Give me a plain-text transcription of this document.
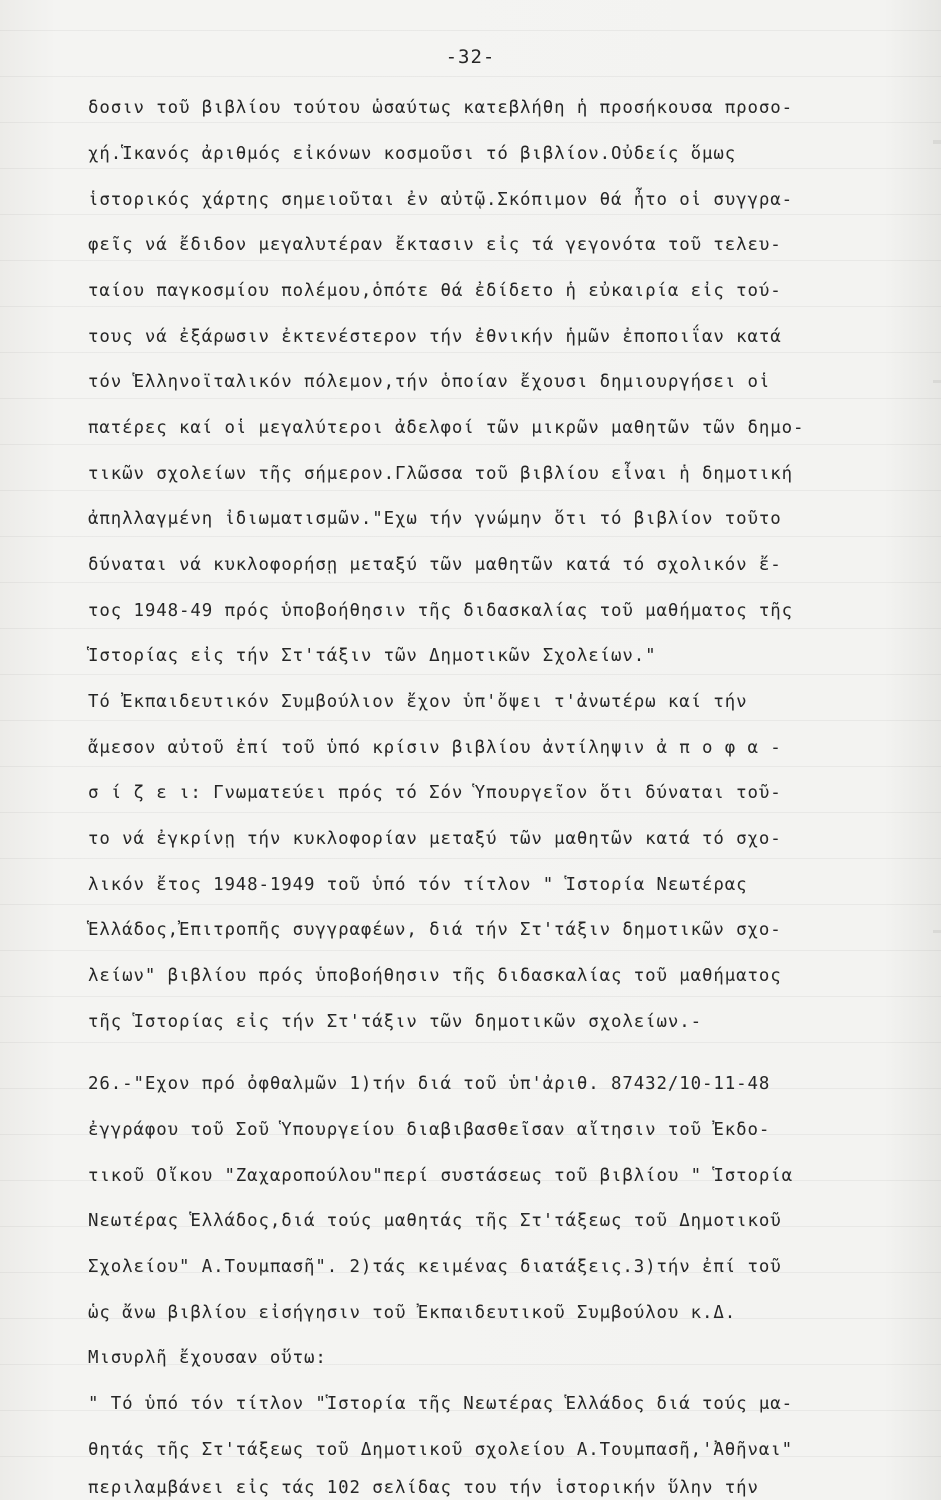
-32-
δοσιν τοῦ βιβλίου τούτου ὡσαύτως κατεβλήθη ἡ προσήκουσα προσο-
χή.Ἱκανός ἀριθμός εἰκόνων κοσμοῦσι τό βιβλίον.Οὐδείς ὅμως
ἱστορικός χάρτης σημειοῦται ἐν αὐτῷ.Σκόπιμον θά ἦτο οἱ συγγρα-
φεῖς νά ἔδιδον μεγαλυτέραν ἔκτασιν εἰς τά γεγονότα τοῦ τελευ-
ταίου παγκοσμίου πολέμου,ὁπότε θά ἐδίδετο ἡ εὐκαιρία εἰς τού-
τους νά ἐξάρωσιν ἐκτενέστερον τήν ἐθνικήν ἡμῶν ἐποποιΐαν κατά
τόν Ἑλληνοϊταλικόν πόλεμον,τήν ὁποίαν ἔχουσι δημιουργήσει οἱ
πατέρες καί οἱ μεγαλύτεροι ἀδελφοί τῶν μικρῶν μαθητῶν τῶν δημο-
τικῶν σχολείων τῆς σήμερον.Γλῶσσα τοῦ βιβλίου εἶναι ἡ δημοτική
ἀπηλλαγμένη ἰδιωματισμῶν."Εχω τήν γνώμην ὅτι τό βιβλίον τοῦτο
δύναται νά κυκλοφορήσῃ μεταξύ τῶν μαθητῶν κατά τό σχολικόν ἔ-
τος 1948-49 πρός ὑποβοήθησιν τῆς διδασκαλίας τοῦ μαθήματος τῆς
Ἱστορίας εἰς τήν Στ'τάξιν τῶν Δημοτικῶν Σχολείων."
Τό Ἐκπαιδευτικόν Συμβούλιον ἔχον ὑπ'ὄψει τ'ἀνωτέρω καί τήν
ἄμεσον αὐτοῦ ἐπί τοῦ ὑπό κρίσιν βιβλίου ἀντίληψιν ἀ π ο φ α -
σ ί ζ ε ι: Γνωματεύει πρός τό Σόν Ὑπουργεῖον ὅτι δύναται τοῦ-
το νά ἐγκρίνῃ τήν κυκλοφορίαν μεταξύ τῶν μαθητῶν κατά τό σχο-
λικόν ἔτος 1948-1949 τοῦ ὑπό τόν τίτλον " Ἱστορία Νεωτέρας
Ἑλλάδος,Ἐπιτροπῆς συγγραφέων, διά τήν Στ'τάξιν δημοτικῶν σχο-
λείων" βιβλίου πρός ὑποβοήθησιν τῆς διδασκαλίας τοῦ μαθήματος
τῆς Ἱστορίας εἰς τήν Στ'τάξιν τῶν δημοτικῶν σχολείων.-
26.-"Εχον πρό ὀφθαλμῶν 1)τήν διά τοῦ ὑπ'ἀριθ. 87432/10-11-48
ἐγγράφου τοῦ Σοῦ Ὑπουργείου διαβιβασθεῖσαν αἴτησιν τοῦ Ἐκδο-
τικοῦ Οἴκου "Ζαχαροπούλου"περί συστάσεως τοῦ βιβλίου " Ἱστορία
Νεωτέρας Ἑλλάδος,διά τούς μαθητάς τῆς Στ'τάξεως τοῦ Δημοτικοῦ
Σχολείου" Α.Τουμπασῆ". 2)τάς κειμένας διατάξεις.3)τήν ἐπί τοῦ
ὡς ἄνω βιβλίου εἰσήγησιν τοῦ Ἐκπαιδευτικοῦ Συμβούλου κ.Δ.
Μισυρλῆ ἔχουσαν οὕτω:
" Τό ὑπό τόν τίτλον "Ἱστορία τῆς Νεωτέρας Ἑλλάδος διά τούς μα-
θητάς τῆς Στ'τάξεως τοῦ Δημοτικοῦ σχολείου Α.Τουμπασῆ,'Ἀθῆναι"
περιλαμβάνει εἰς τάς 102 σελίδας του τήν ἱστορικήν ὕλην τήν
